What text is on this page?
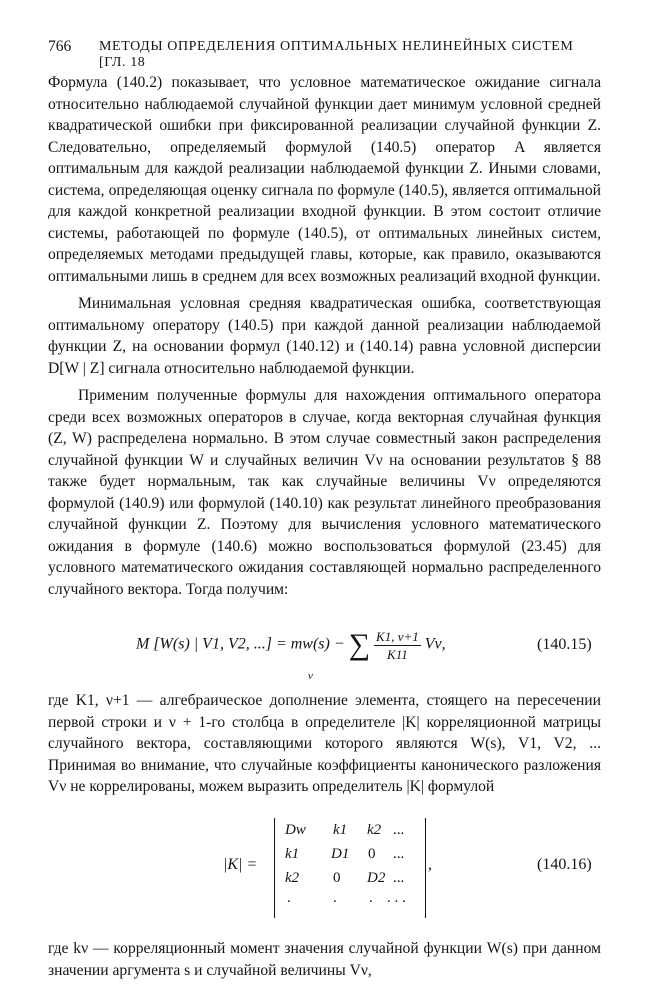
766 МЕТОДЫ ОПРЕДЕЛЕНИЯ ОПТИМАЛЬНЫХ НЕЛИНЕЙНЫХ СИСТЕМ [ГЛ. 18

Формула (140.2) показывает, что условное математическое ожидание сигнала относительно наблюдаемой случайной функции дает минимум условной средней квадратической ошибки при фиксированной реализации случайной функции Z. Следовательно, определяемый формулой (140.5) оператор A является оптимальным для каждой реализации наблюдаемой функции Z. Иными словами, система, определяющая оценку сигнала по формуле (140.5), является оптимальной для каждой конкретной реализации входной функции. В этом состоит отличие системы, работающей по формуле (140.5), от оптимальных линейных систем, определяемых методами предыдущей главы, которые, как правило, оказываются оптимальными лишь в среднем для всех возможных реализаций входной функции.

Минимальная условная средняя квадратическая ошибка, соответствующая оптимальному оператору (140.5) при каждой данной реализации наблюдаемой функции Z, на основании формул (140.12) и (140.14) равна условной дисперсии D[W | Z] сигнала относительно наблюдаемой функции.

Применим полученные формулы для нахождения оптимального оператора среди всех возможных операторов в случае, когда векторная случайная функция (Z, W) распределена нормально. В этом случае совместный закон распределения случайной функции W и случайных величин Vν на основании результатов § 88 также будет нормальным, так как случайные величины Vν определяются формулой (140.9) или формулой (140.10) как результат линейного преобразования случайной функции Z. Поэтому для вычисления условного математического ожидания в формуле (140.6) можно воспользоваться формулой (23.45) для условного математического ожидания составляющей нормально распределенного случайного вектора. Тогда получим:

M [W(s) | V1, V2, ...] = mw(s) − ∑ $\frac{K1, \nu+1}{K11} V\nu$,
ν
(140.15)

где K1, ν+1 — алгебраическое дополнение элемента, стоящего на пересечении первой строки и ν + 1-го столбца в определителе |K| корреляционной матрицы случайного вектора, составляющими которого являются W(s), V1, V2, ... Принимая во внимание, что случайные коэффициенты канонического разложения Vν не коррелированы, можем выразить определитель |K| формулой

|K| =
Dw k1 k2 ...
k1 D1 0 ...
k2 0 D2 ...
.	. . . . .
,	(140.16)

где kν — корреляционный момент значения случайной функции W(s) при данном значении аргумента s и случайной величины Vν,
